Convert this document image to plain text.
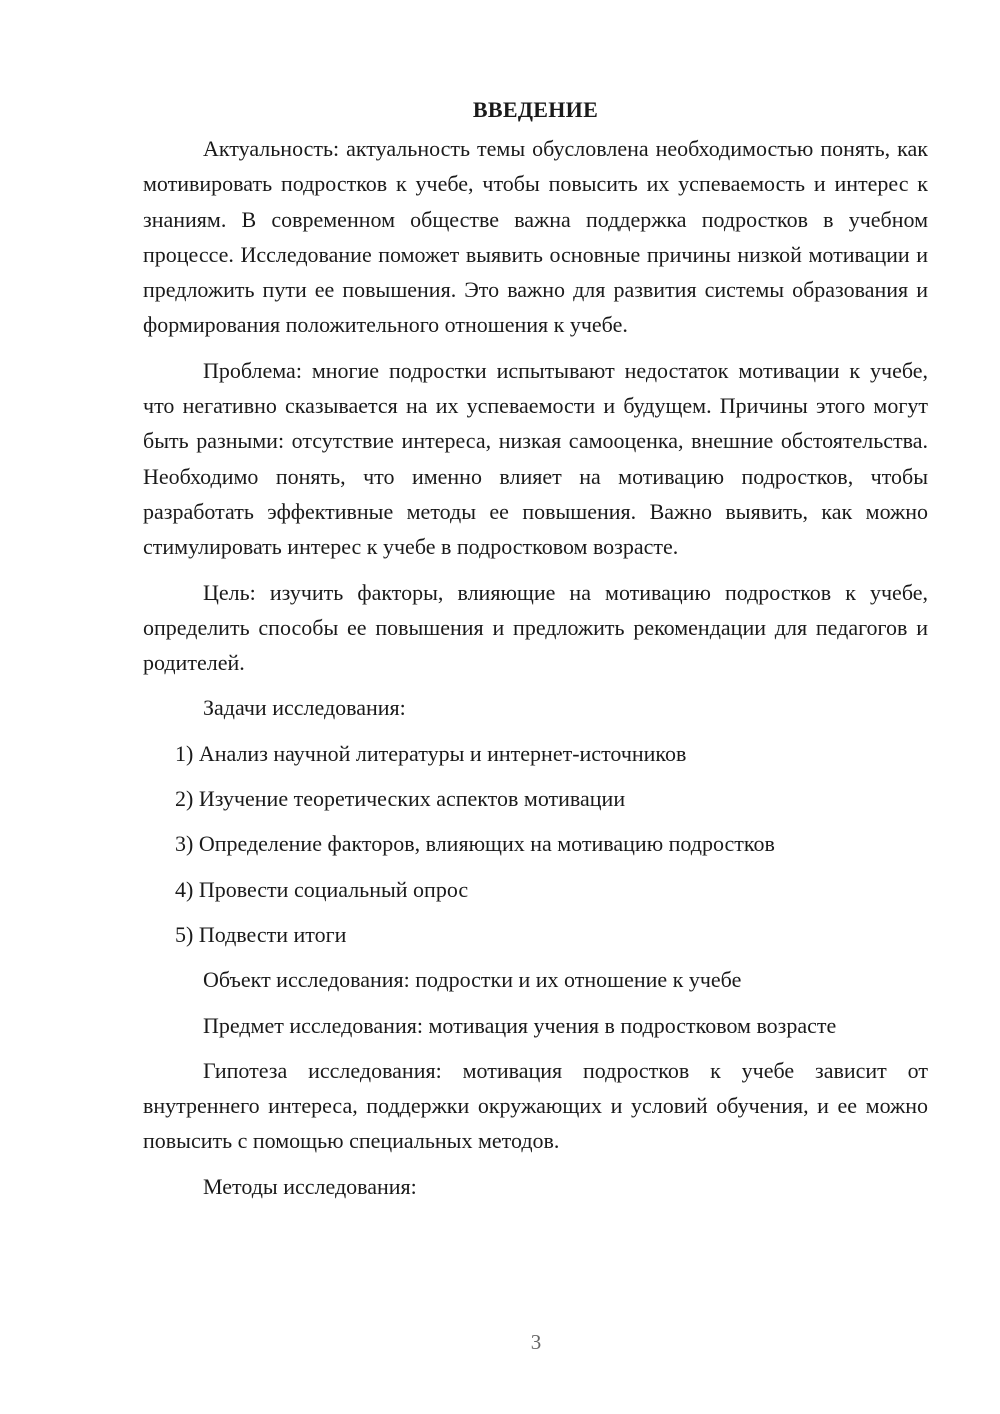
ВВЕДЕНИЕ

Актуальность: актуальность темы обусловлена необходимостью понять, как мотивировать подростков к учебе, чтобы повысить их успеваемость и интерес к знаниям. В современном обществе важна поддержка подростков в учебном процессе. Исследование поможет выявить основные причины низкой мотивации и предложить пути ее повышения. Это важно для развития системы образования и формирования положительного отношения к учебе.

Проблема: многие подростки испытывают недостаток мотивации к учебе, что негативно сказывается на их успеваемости и будущем. Причины этого могут быть разными: отсутствие интереса, низкая самооценка, внешние обстоятельства. Необходимо понять, что именно влияет на мотивацию подростков, чтобы разработать эффективные методы ее повышения. Важно выявить, как можно стимулировать интерес к учебе в подростковом возрасте.

Цель: изучить факторы, влияющие на мотивацию подростков к учебе, определить способы ее повышения и предложить рекомендации для педагогов и родителей.

Задачи исследования:

1) Анализ научной литературы и интернет-источников
2) Изучение теоретических аспектов мотивации
3) Определение факторов, влияющих на мотивацию подростков
4) Провести социальный опрос
5) Подвести итоги

Объект исследования: подростки и их отношение к учебе

Предмет исследования: мотивация учения в подростковом возрасте

Гипотеза исследования: мотивация подростков к учебе зависит от внутреннего интереса, поддержки окружающих и условий обучения, и ее можно повысить с помощью специальных методов.

Методы исследования:

3
